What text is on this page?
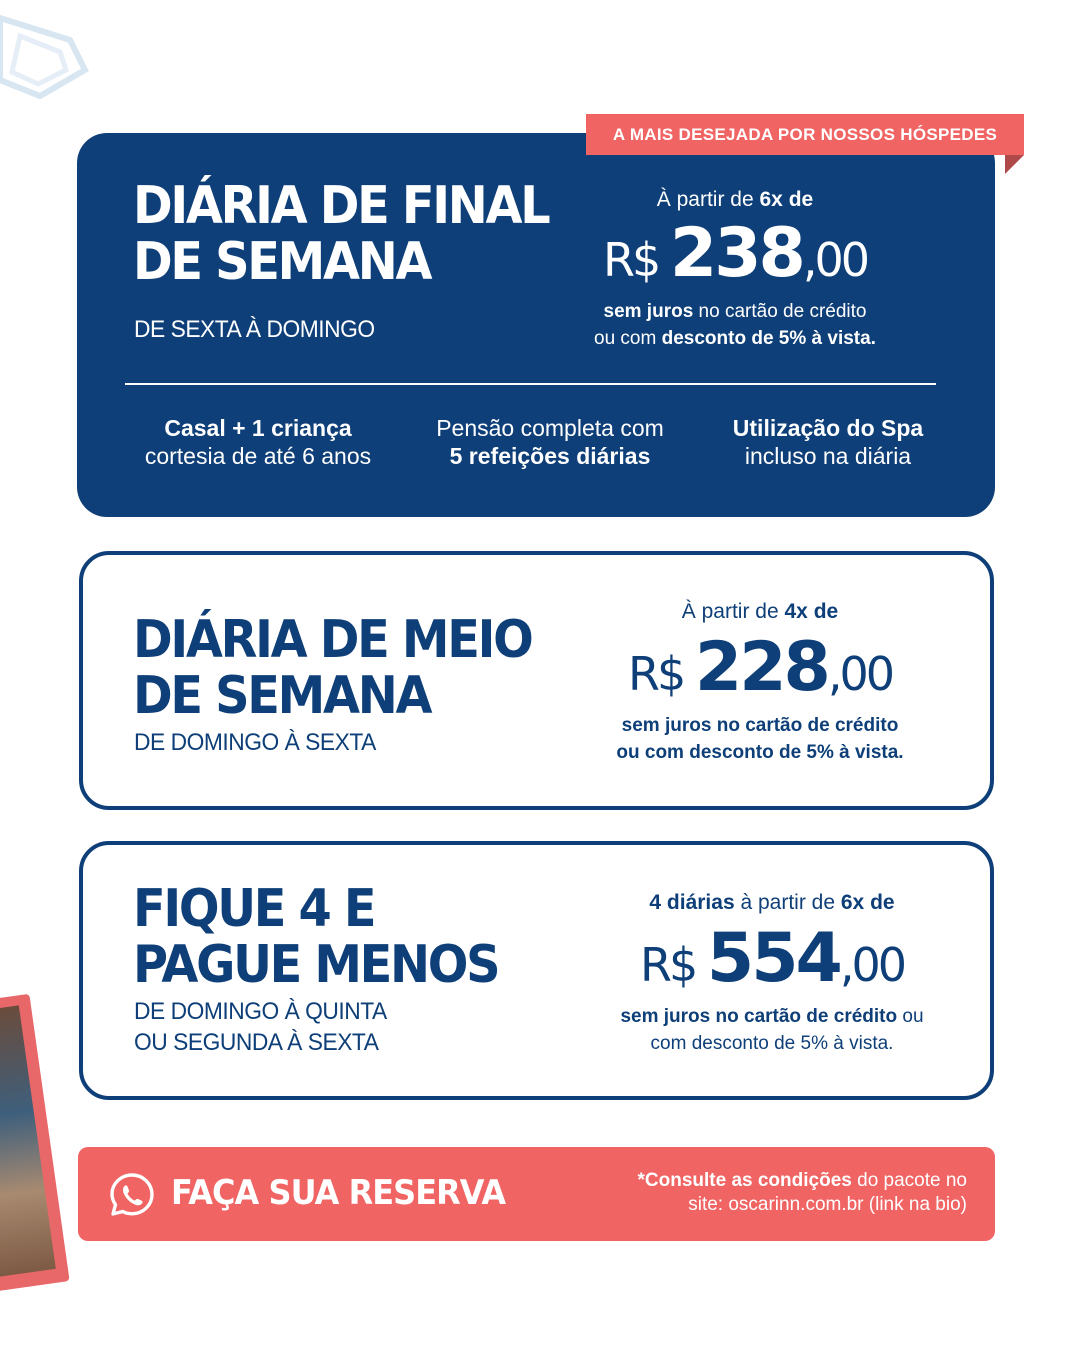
A MAIS DESEJADA POR NOSSOS HÓSPEDES
DIÁRIA DE FINAL
DE SEMANA

DE SEXTA À DOMINGO

À partir de 6x de
R$ 238,00
sem juros no cartão de crédito
ou com desconto de 5% à vista.
Casal + 1 criança
cortesia de até 6 anos
Pensão completa com
5 refeições diárias
Utilização do Spa
incluso na diária
DIÁRIA DE MEIO
DE SEMANA

DE DOMINGO À SEXTA

À partir de 4x de
R$ 228,00
sem juros no cartão de crédito
ou com desconto de 5% à vista.
FIQUE 4 E
PAGUE MENOS

DE DOMINGO À QUINTA
OU SEGUNDA À SEXTA

4 diárias à partir de 6x de
R$ 554,00
sem juros no cartão de crédito ou
com desconto de 5% à vista.

FAÇA SUA RESERVA	*Consulte as condições do pacote no
site: oscarinn.com.br (link na bio)
